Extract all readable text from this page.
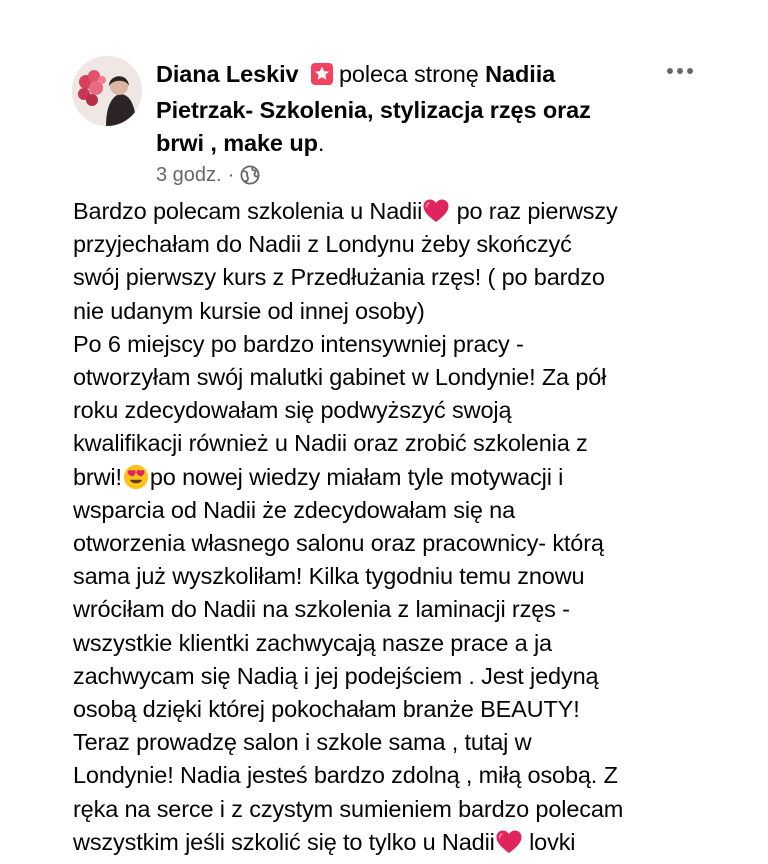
Diana Leskiv poleca stronę Nadiia
Pietrzak- Szkolenia, stylizacja rzęs oraz
brwi , make up.
3 godz. ·
Bardzo polecam szkolenia u Nadii po raz pierwszy
przyjechałam do Nadii z Londynu żeby skończyć
swój pierwszy kurs z Przedłużania rzęs! ( po bardzo
nie udanym kursie od innej osoby)
Po 6 miejscy po bardzo intensywniej pracy -
otworzyłam swój malutki gabinet w Londynie! Za pół
roku zdecydowałam się podwyższyć swoją
kwalifikacji również u Nadii oraz zrobić szkolenia z
brwi! po nowej wiedzy miałam tyle motywacji i
wsparcia od Nadii że zdecydowałam się na
otworzenia własnego salonu oraz pracownicy- którą
sama już wyszkoliłam! Kilka tygodniu temu znowu
wróciłam do Nadii na szkolenia z laminacji rzęs -
wszystkie klientki zachwycają nasze prace a ja
zachwycam się Nadią i jej podejściem . Jest jedyną
osobą dzięki której pokochałam branże BEAUTY!
Teraz prowadzę salon i szkole sama , tutaj w
Londynie! Nadia jesteś bardzo zdolną , miłą osobą. Z
ręka na serce i z czystym sumieniem bardzo polecam
wszystkim jeśli szkolić się to tylko u Nadii lovki
